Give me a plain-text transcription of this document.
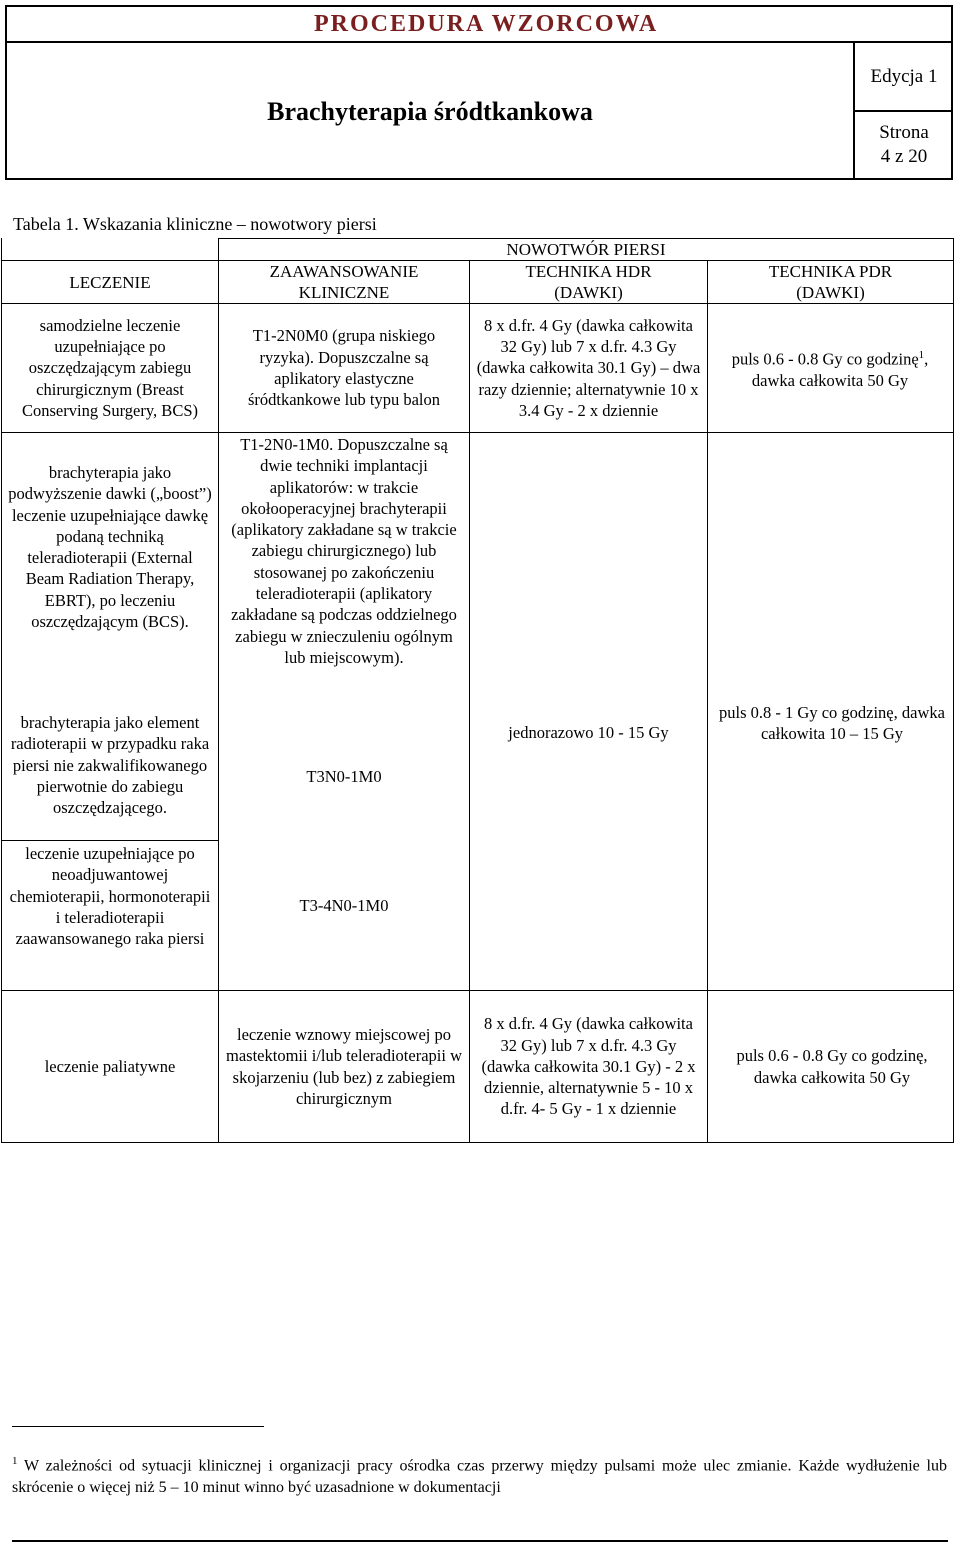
PROCEDURA WZORCOWA
Brachyterapia śródtkankowa
Edycja 1
Strona
4 z 20
Tabela 1. Wskazania kliniczne – nowotwory piersi
NOWOTWÓR PIERSI
LECZENIE
ZAAWANSOWANIE KLINICZNE
TECHNIKA HDR (DAWKI)
TECHNIKA PDR (DAWKI)
samodzielne leczenie uzupełniające po oszczędzającym zabiegu chirurgicznym (Breast Conserving Surgery, BCS)
T1-2N0M0 (grupa niskiego ryzyka). Dopuszczalne są aplikatory elastyczne śródtkankowe lub typu balon
8 x d.fr. 4 Gy (dawka całkowita 32 Gy) lub 7 x d.fr. 4.3 Gy (dawka całkowita 30.1 Gy) – dwa razy dziennie; alternatywnie 10 x 3.4 Gy - 2 x dziennie
puls 0.6 - 0.8 Gy co godzinę$^1$, dawka całkowita 50 Gy
brachyterapia jako podwyższenie dawki („boost”) leczenie uzupełniające dawkę podaną techniką teleradioterapii (External Beam Radiation Therapy, EBRT), po leczeniu oszczędzającym (BCS).
brachyterapia jako element radioterapii w przypadku raka piersi nie zakwalifikowanego pierwotnie do zabiegu oszczędzającego.
leczenie uzupełniające po neoadjuwantowej chemioterapii, hormonoterapii i teleradioterapii zaawansowanego raka piersi
T1-2N0-1M0. Dopuszczalne są dwie techniki implantacji aplikatorów: w trakcie okołooperacyjnej brachyterapii (aplikatory zakładane są w trakcie zabiegu chirurgicznego) lub stosowanej po zakończeniu teleradioterapii (aplikatory zakładane są podczas oddzielnego zabiegu w znieczuleniu ogólnym lub miejscowym).
T3N0-1M0
T3-4N0-1M0
jednorazowo 10 - 15 Gy
puls 0.8 - 1 Gy co godzinę, dawka całkowita 10 – 15 Gy
leczenie paliatywne
leczenie wznowy miejscowej po mastektomii i/lub teleradioterapii w skojarzeniu (lub bez) z zabiegiem chirurgicznym
8 x d.fr. 4 Gy (dawka całkowita 32 Gy) lub 7 x d.fr. 4.3 Gy (dawka całkowita 30.1 Gy) - 2 x dziennie, alternatywnie 5 - 10 x d.fr. 4- 5 Gy - 1 x dziennie
puls 0.6 - 0.8 Gy co godzinę, dawka całkowita 50 Gy
$^1$ W zależności od sytuacji klinicznej i organizacji pracy ośrodka czas przerwy między pulsami może ulec zmianie. Każde wydłużenie lub skrócenie o więcej niż 5 – 10 minut winno być uzasadnione w dokumentacji
